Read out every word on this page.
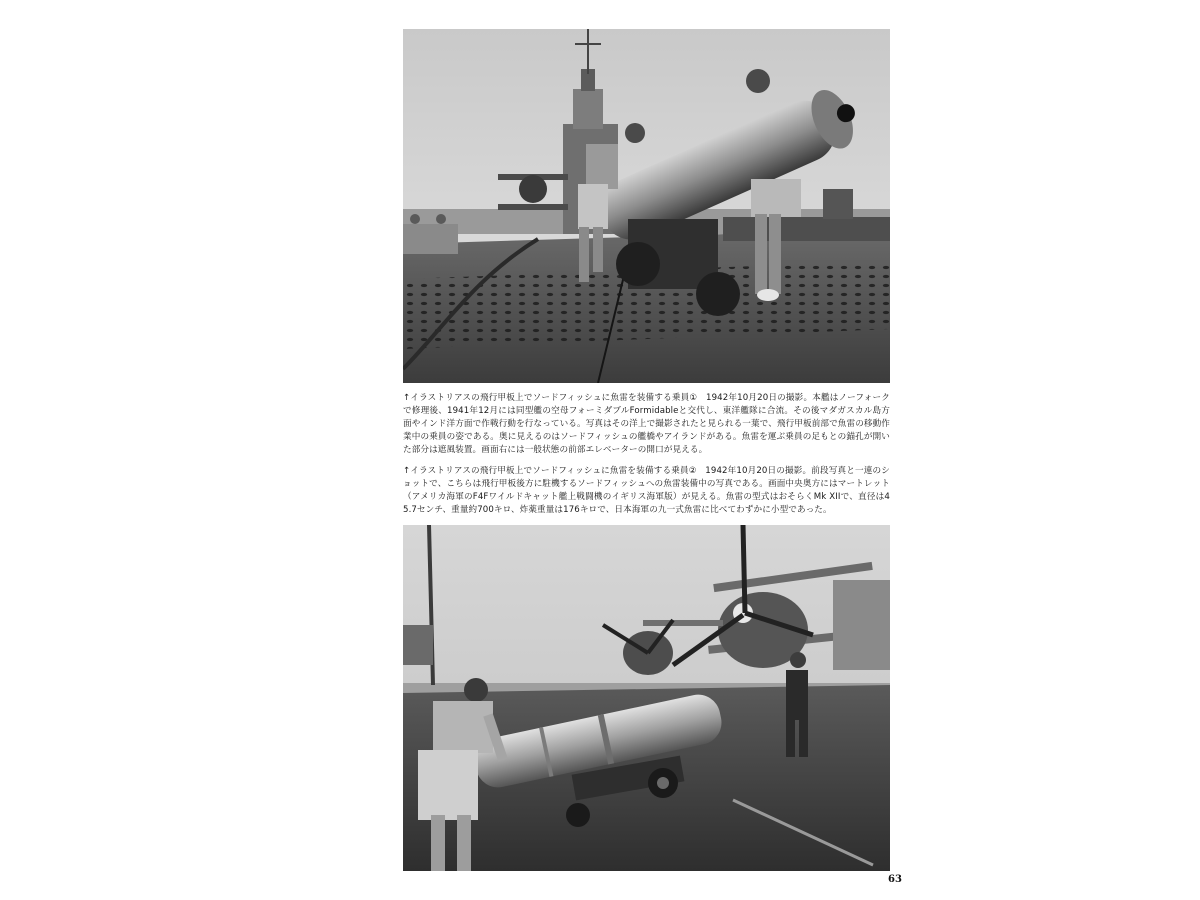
↑イラストリアスの飛行甲板上でソードフィッシュに魚雷を装備する乗員①　1942年10月20日の撮影。本艦はノーフォークで修理後、1941年12月には同型艦の空母フォーミダブルFormidableと交代し、東洋艦隊に合流。その後マダガスカル島方面やインド洋方面で作戦行動を行なっている。写真はその洋上で撮影されたと見られる一葉で、飛行甲板前部で魚雷の移動作業中の乗員の姿である。奥に見えるのはソードフィッシュの艦橋やアイランドがある。魚雷を運ぶ乗員の足もとの錨孔が開いた部分は遮風装置。画面右には一般状態の前部エレベーターの開口が見える。
↑イラストリアスの飛行甲板上でソードフィッシュに魚雷を装備する乗員②　1942年10月20日の撮影。前段写真と一連のショットで、こちらは飛行甲板後方に駐機するソードフィッシュへの魚雷装備中の写真である。画面中央奥方にはマートレット（アメリカ海軍のF4Fワイルドキャット艦上戦闘機のイギリス海軍版）が見える。魚雷の型式はおそらくMk XIIで、直径は45.7センチ、重量約700キロ、炸薬重量は176キロで、日本海軍の九一式魚雷に比べてわずかに小型であった。
63
